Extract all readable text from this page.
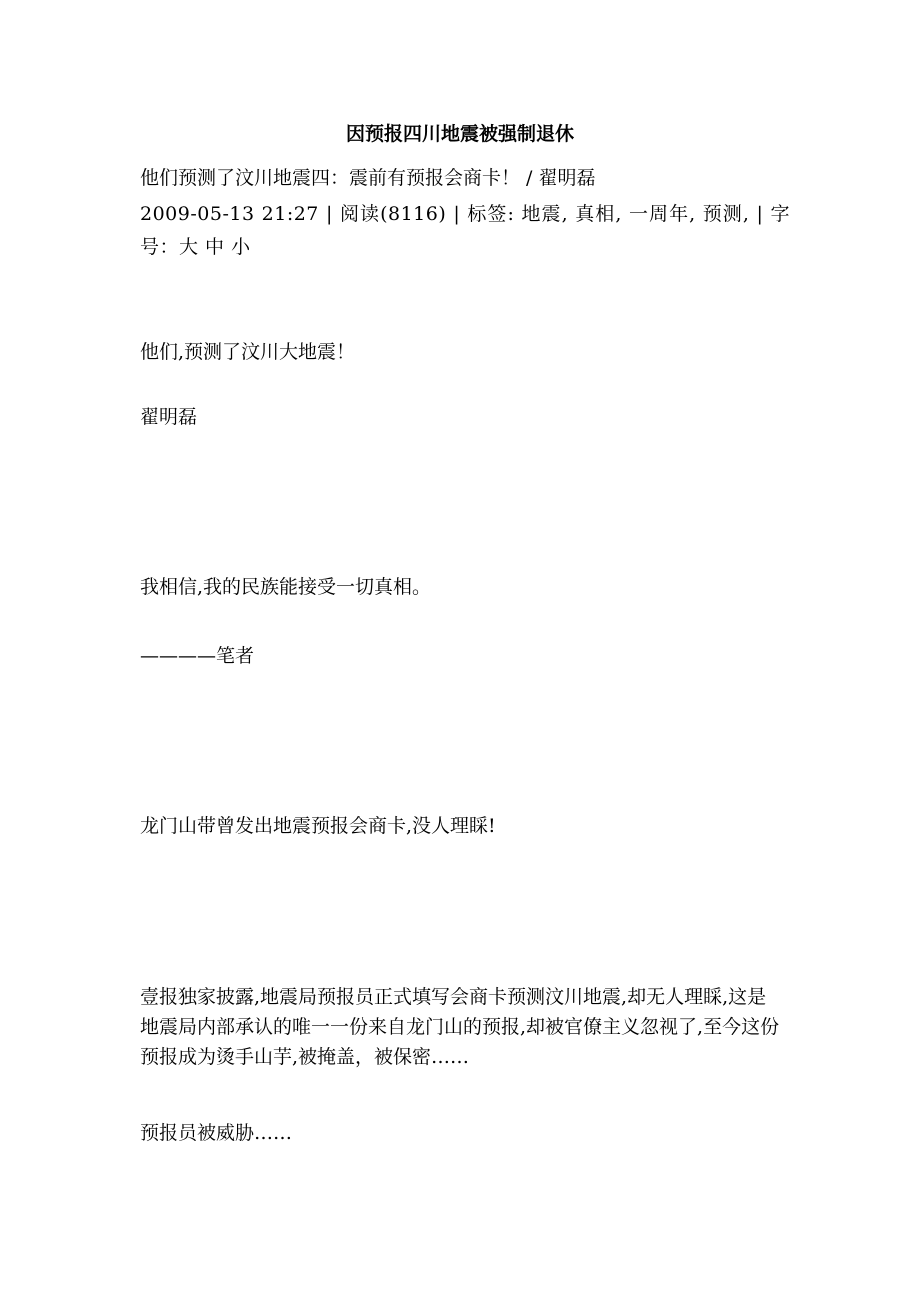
因预报四川地震被强制退休
他们预测了汶川地震四：震前有预报会商卡！ / 翟明磊
2009-05-13 21:27 | 阅读(8116) | 标签: 地震, 真相, 一周年, 预测, | 字号：大 中 小
他们,预测了汶川大地震！
翟明磊
我相信,我的民族能接受一切真相。
————笔者
龙门山带曾发出地震预报会商卡,没人理睬!
壹报独家披露,地震局预报员正式填写会商卡预测汶川地震,却无人理睬,这是地震局内部承认的唯一一份来自龙门山的预报,却被官僚主义忽视了,至今这份预报成为烫手山芋,被掩盖，被保密……
预报员被威胁……
